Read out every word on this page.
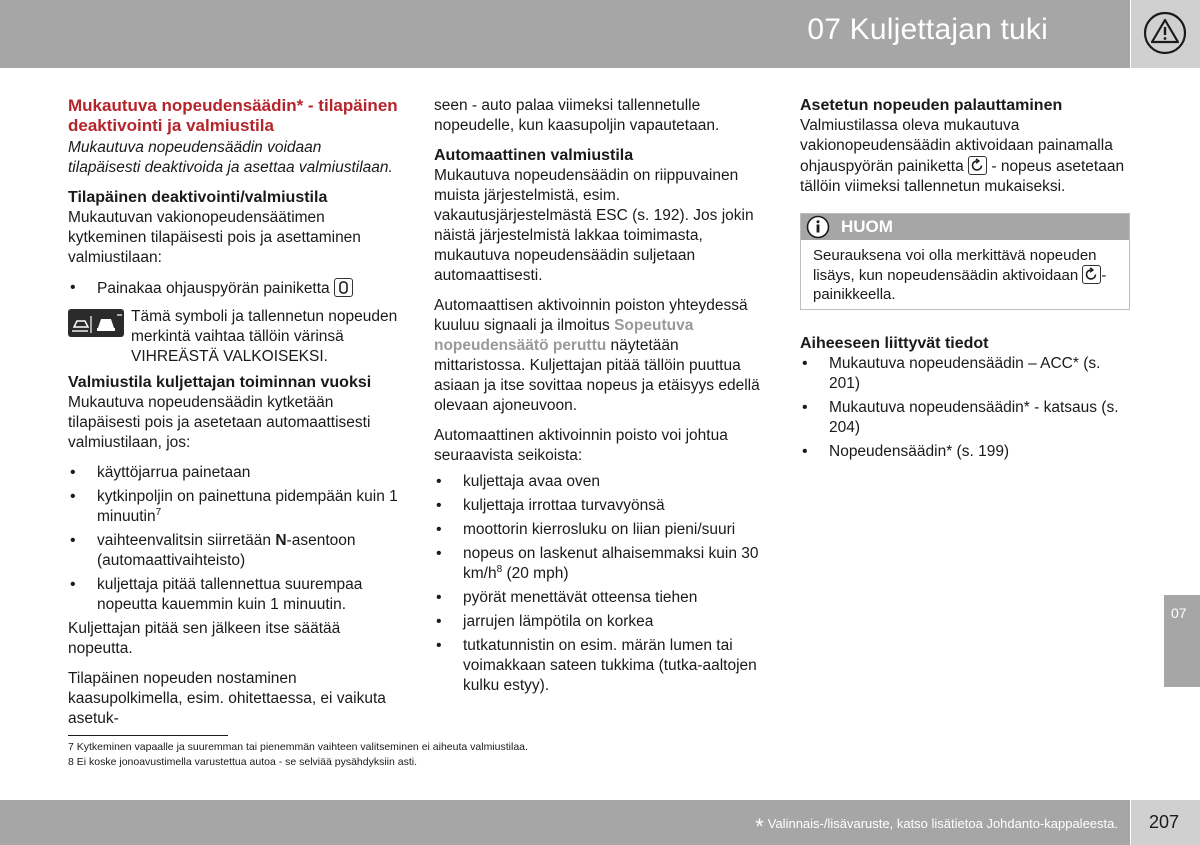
07 Kuljettajan tuki

Mukautuva nopeudensäädin* - tilapäinen deaktivointi ja valmiustila

Mukautuva nopeudensäädin voidaan tilapäisesti deaktivoida ja asettaa valmiustilaan.

Tilapäinen deaktivointi/valmiustila

Mukautuvan vakionopeudensäätimen kytkeminen tilapäisesti pois ja asettaminen valmiustilaan:

• Painakaa ohjauspyörän painiketta

Tämä symboli ja tallennetun nopeuden merkintä vaihtaa tällöin värinsä VIHREÄSTÄ VALKOISEKSI.

Valmiustila kuljettajan toiminnan vuoksi

Mukautuva nopeudensäädin kytketään tilapäisesti pois ja asetetaan automaattisesti valmiustilaan, jos:

• käyttöjarrua painetaan
• kytkinpoljin on painettuna pidempään kuin 1 minuutin$^7$
• vaihteenvalitsin siirretään N-asentoon (automaattivaihteisto)
• kuljettaja pitää tallennettua suurempaa nopeutta kauemmin kuin 1 minuutin.

Kuljettajan pitää sen jälkeen itse säätää nopeutta.

Tilapäinen nopeuden nostaminen kaasupolkimella, esim. ohitettaessa, ei vaikuta asetuk-

seen - auto palaa viimeksi tallennetulle nopeudelle, kun kaasupoljin vapautetaan.

Automaattinen valmiustila

Mukautuva nopeudensäädin on riippuvainen muista järjestelmistä, esim. vakautusjärjestelmästä ESC (s. 192). Jos jokin näistä järjestelmistä lakkaa toimimasta, mukautuva nopeudensäädin suljetaan automaattisesti.

Automaattisen aktivoinnin poiston yhteydessä kuuluu signaali ja ilmoitus Sopeutuva nopeudensäätö peruttu näytetään mittaristossa. Kuljettajan pitää tällöin puuttua asiaan ja itse sovittaa nopeus ja etäisyys edellä olevaan ajoneuvoon.

Automaattinen aktivoinnin poisto voi johtua seuraavista seikoista:

• kuljettaja avaa oven
• kuljettaja irrottaa turvavyönsä
• moottorin kierrosluku on liian pieni/suuri
• nopeus on laskenut alhaisemmaksi kuin 30 $km/h^8$ (20 mph)
• pyörät menettävät otteensa tiehen
• jarrujen lämpötila on korkea
• tutkatunnistin on esim. märän lumen tai voimakkaan sateen tukkima (tutka-aaltojen kulku estyy).
Asetetun nopeuden palauttaminen

Valmiustilassa oleva mukautuva vakionopeudensäädin aktivoidaan painamalla ohjauspyörän painiketta
- nopeus asetetaan tällöin viimeksi tallennetun mukaiseksi.

HUOM
Seurauksena voi olla merkittävä nopeuden lisäys, kun nopeudensäädin aktivoidaan -painikkeella.
Aiheeseen liittyvät tiedot
• Mukautuva nopeudensäädin – ACC* (s. 201)
• Mukautuva nopeudensäädin* - katsaus (s. 204)
• Nopeudensäädin* (s. 199)
7 Kytkeminen vapaalle ja suuremman tai pienemmän vaihteen valitseminen ei aiheuta valmiustilaa.
8 Ei koske jonoavustimella varustettua autoa - se selviää pysähdyksiin asti.
07
* Valinnais-/lisävaruste, katso lisätietoa Johdanto-kappaleesta. 207
